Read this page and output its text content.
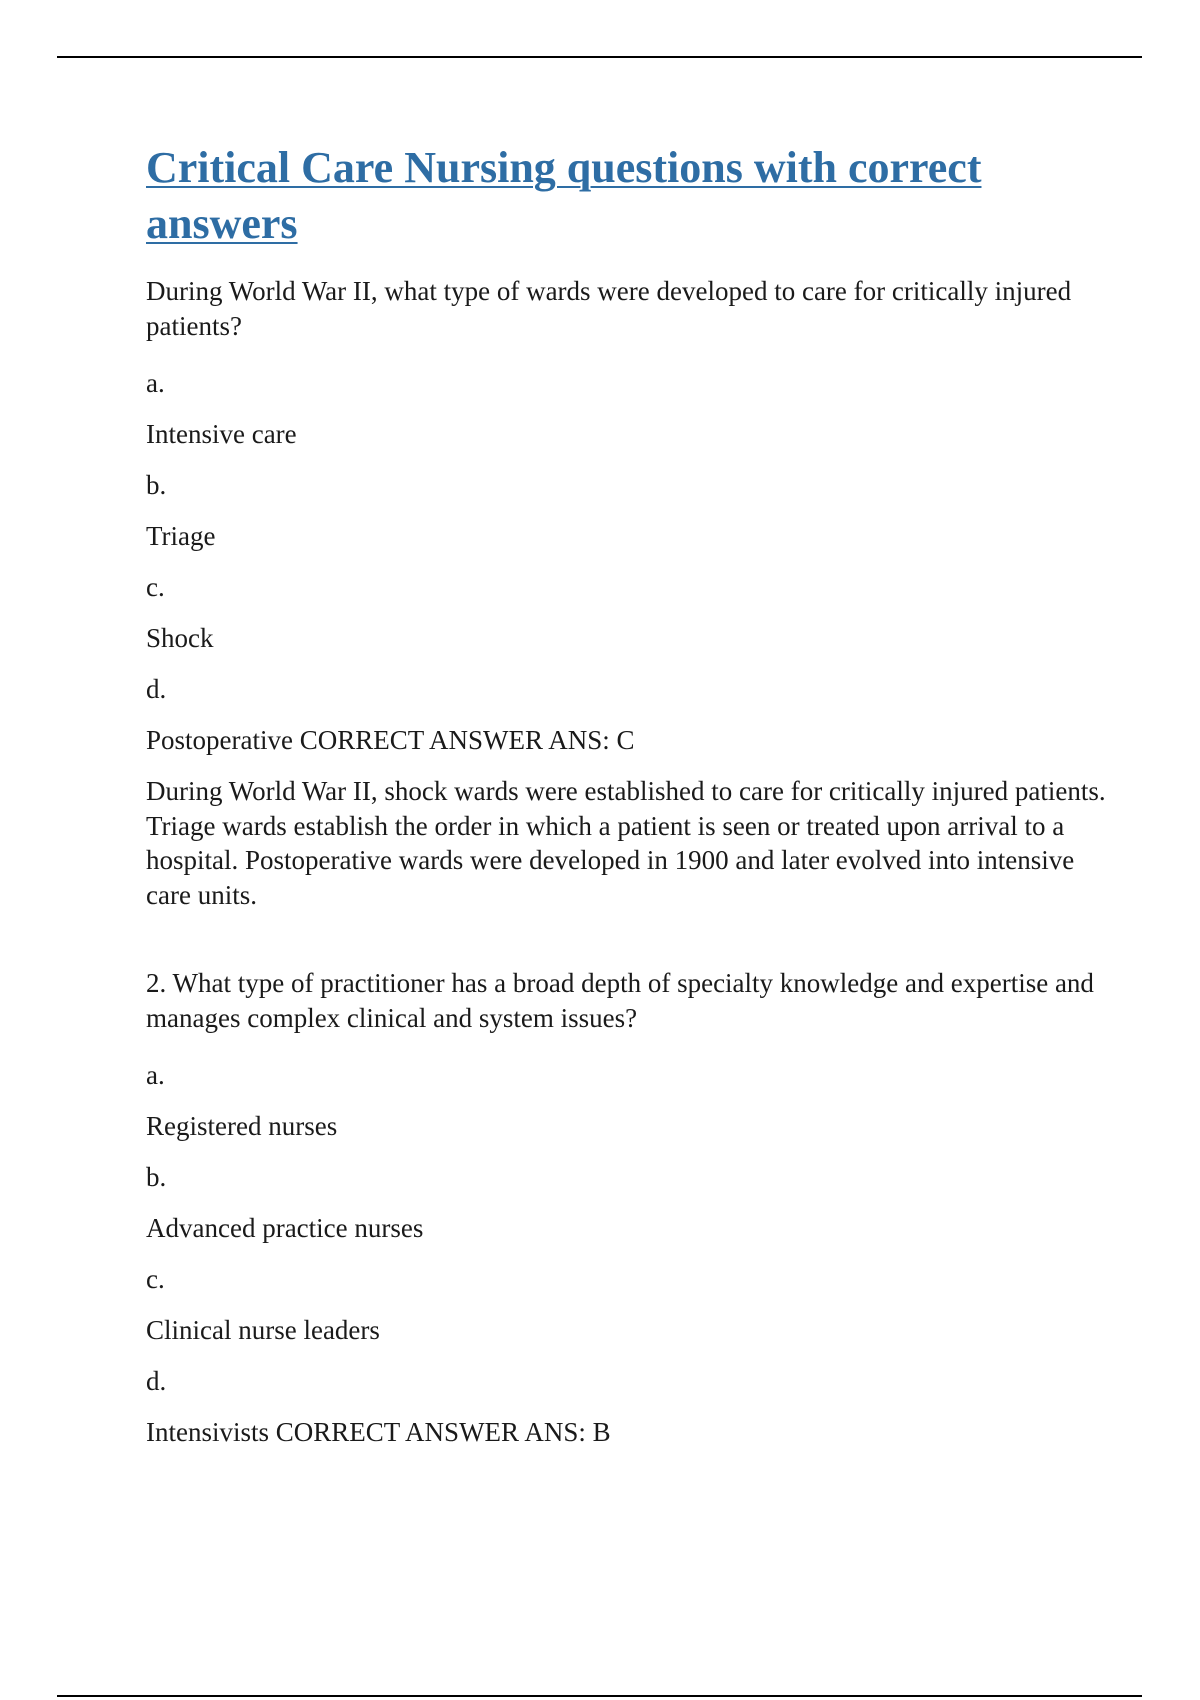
Critical Care Nursing questions with correct answers

During World War II, what type of wards were developed to care for critically injured patients?

a.

Intensive care

b.

Triage

c.

Shock

d.

Postoperative CORRECT ANSWER ANS: C

During World War II, shock wards were established to care for critically injured patients. Triage wards establish the order in which a patient is seen or treated upon arrival to a hospital. Postoperative wards were developed in 1900 and later evolved into intensive care units.

2. What type of practitioner has a broad depth of specialty knowledge and expertise and manages complex clinical and system issues?

a.

Registered nurses

b.

Advanced practice nurses

c.

Clinical nurse leaders

d.

Intensivists CORRECT ANSWER ANS: B
